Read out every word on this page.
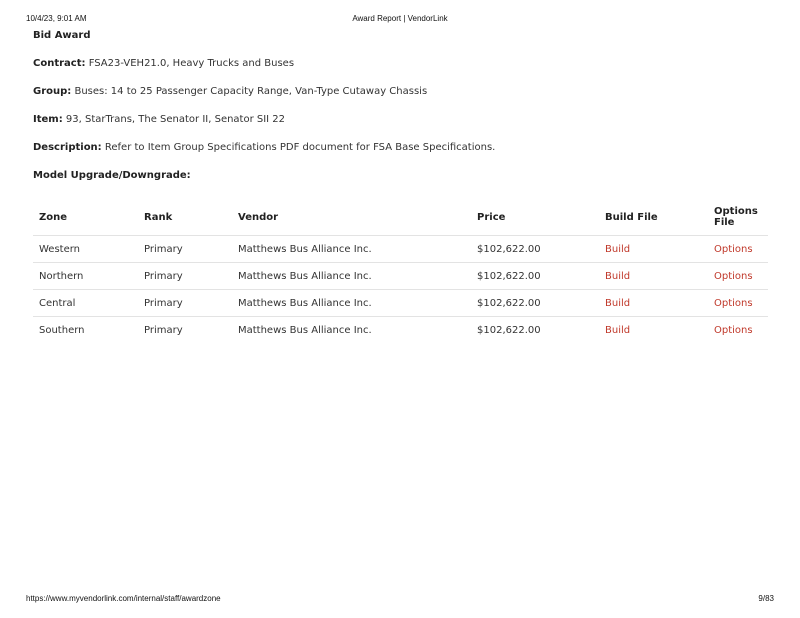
10/4/23, 9:01 AM	Award Report | VendorLink
Bid Award
Contract: FSA23-VEH21.0, Heavy Trucks and Buses
Group: Buses: 14 to 25 Passenger Capacity Range, Van-Type Cutaway Chassis
Item: 93, StarTrans, The Senator II, Senator SII 22
Description: Refer to Item Group Specifications PDF document for FSA Base Specifications.
Model Upgrade/Downgrade:
Zone	Rank	Vendor	Price	Build File	Options File
Western	Primary	Matthews Bus Alliance Inc.	$102,622.00	Build	Options
Northern	Primary	Matthews Bus Alliance Inc.	$102,622.00	Build	Options
Central	Primary	Matthews Bus Alliance Inc.	$102,622.00	Build	Options
Southern	Primary	Matthews Bus Alliance Inc.	$102,622.00	Build	Options
https://www.myvendorlink.com/internal/staff/awardzone	9/83
